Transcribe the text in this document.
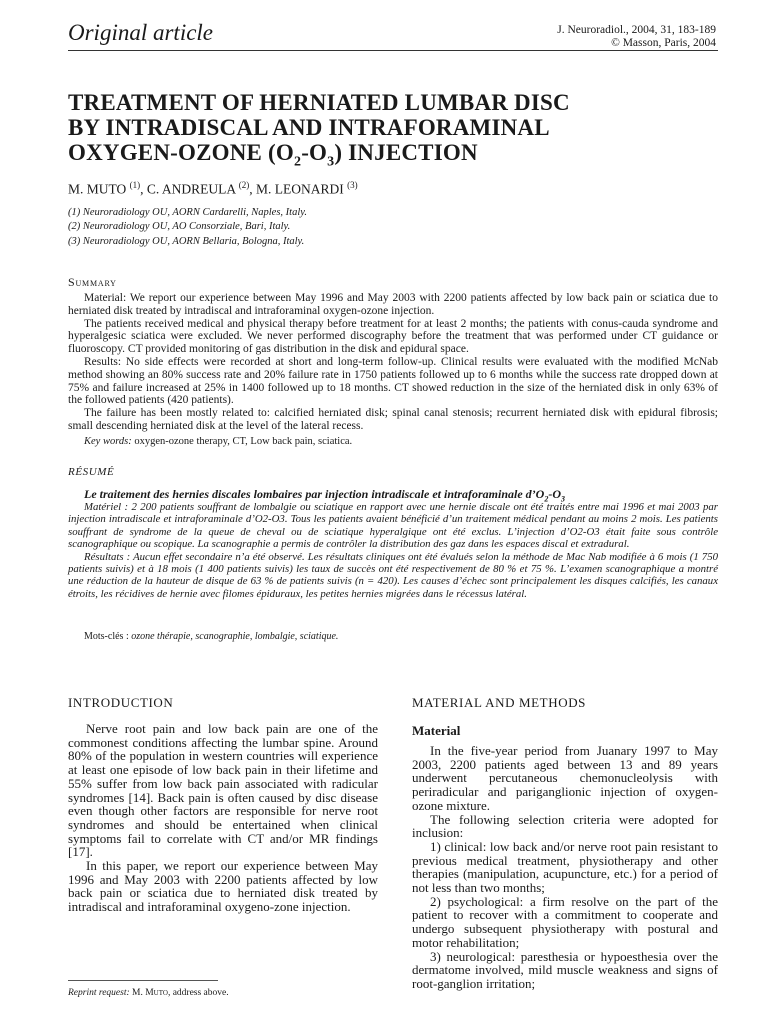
Original article	J. Neuroradiol., 2004, 31, 183-189
© Masson, Paris, 2004
TREATMENT OF HERNIATED LUMBAR DISC
BY INTRADISCAL AND INTRAFORAMINAL
OXYGEN-OZONE $(O_2-O_3)$ INJECTION
M. MUTO $^{(1)}$, C. ANDREULA $^{(2)}$, M. LEONARDI $^{(3)}$
(1) Neuroradiology OU, AORN Cardarelli, Naples, Italy.
(2) Neuroradiology OU, AO Consorziale, Bari, Italy.
(3) Neuroradiology OU, AORN Bellaria, Bologna, Italy.
Summary

Material: We report our experience between May 1996 and May 2003 with 2200 patients affected by low back pain or sciatica due to herniated disk treated by intradiscal and intraforaminal oxygen-ozone injection.

The patients received medical and physical therapy before treatment for at least 2 months; the patients with conus-cauda syndrome and hyperalgesic sciatica were excluded. We never performed discography before the treatment that was performed under CT guidance or fluoroscopy. CT provided monitoring of gas distribution in the disk and epidural space.

Results: No side effects were recorded at short and long-term follow-up. Clinical results were evaluated with the modified McNab method showing an 80% success rate and 20% failure rate in 1750 patients followed up to 6 months while the success rate dropped down at 75% and failure increased at 25% in 1400 followed up to 18 months. CT showed reduction in the size of the herniated disk in only 63% of the followed patients (420 patients).

The failure has been mostly related to: calcified herniated disk; spinal canal stenosis; recurrent herniated disk with epidural fibrosis; small descending herniated disk at the level of the lateral recess.

Key words: oxygen-ozone therapy, CT, Low back pain, sciatica.
RÉSUMÉ
Le traitement des hernies discales lombaires par injection intradiscale et intraforaminale $d’O_2-O_3$

Matériel : 2 200 patients souffrant de lombalgie ou sciatique en rapport avec une hernie discale ont été traités entre mai 1996 et mai 2003 par injection intradiscale et intraforaminale d’O2-O3. Tous les patients avaient bénéficié d’un traitement médical pendant au moins 2 mois. Les patients souffrant de syndrome de la queue de cheval ou de sciatique hyperalgique ont été exclus. L’injection d’O2-O3 était faite sous contrôle scanographique ou scopique. La scanographie a permis de contrôler la distribution des gaz dans les espaces discal et extradural.

Résultats : Aucun effet secondaire n’a été observé. Les résultats cliniques ont été évalués selon la méthode de Mac Nab modifiée à 6 mois (1 750 patients suivis) et à 18 mois (1 400 patients suivis) les taux de succès ont été respectivement de 80 % et 75 %. L’examen scanographique a montré une réduction de la hauteur de disque de 63 % de patients suivis (n = 420). Les causes d’échec sont principalement les disques calcifiés, les canaux étroits, les récidives de hernie avec filomes épiduraux, les petites hernies migrées dans le récessus latéral.

Mots-clés : ozone thérapie, scanographie, lombalgie, sciatique.
INTRODUCTION

Nerve root pain and low back pain are one of the commonest conditions affecting the lumbar spine. Around 80% of the population in western countries will experience at least one episode of low back pain in their lifetime and 55% suffer from low back pain associated with radicular syndromes [14]. Back pain is often caused by disc disease even though other factors are responsible for nerve root syndromes and should be entertained when clinical symptoms fail to correlate with CT and/or MR findings [17].

In this paper, we report our experience between May 1996 and May 2003 with 2200 patients affected by low back pain or sciatica due to herniated disk treated by intradiscal and intraforaminal oxygeno-zone injection.

Reprint request: M. Muto, address above.
MATERIAL AND METHODS
Material

In the five-year period from Juanary 1997 to May 2003, 2200 patients aged between 13 and 89 years underwent percutaneous chemonucleolysis with periradicular and pariganglionic injection of oxygen-ozone mixture.

The following selection criteria were adopted for inclusion:

1) clinical: low back and/or nerve root pain resistant to previous medical treatment, physiotherapy and other therapies (manipulation, acupuncture, etc.) for a period of not less than two months;

2) psychological: a firm resolve on the part of the patient to recover with a commitment to cooperate and undergo subsequent physiotherapy with postural and motor rehabilitation;

3) neurological: paresthesia or hypoesthesia over the dermatome involved, mild muscle weakness and signs of root-ganglion irritation;
